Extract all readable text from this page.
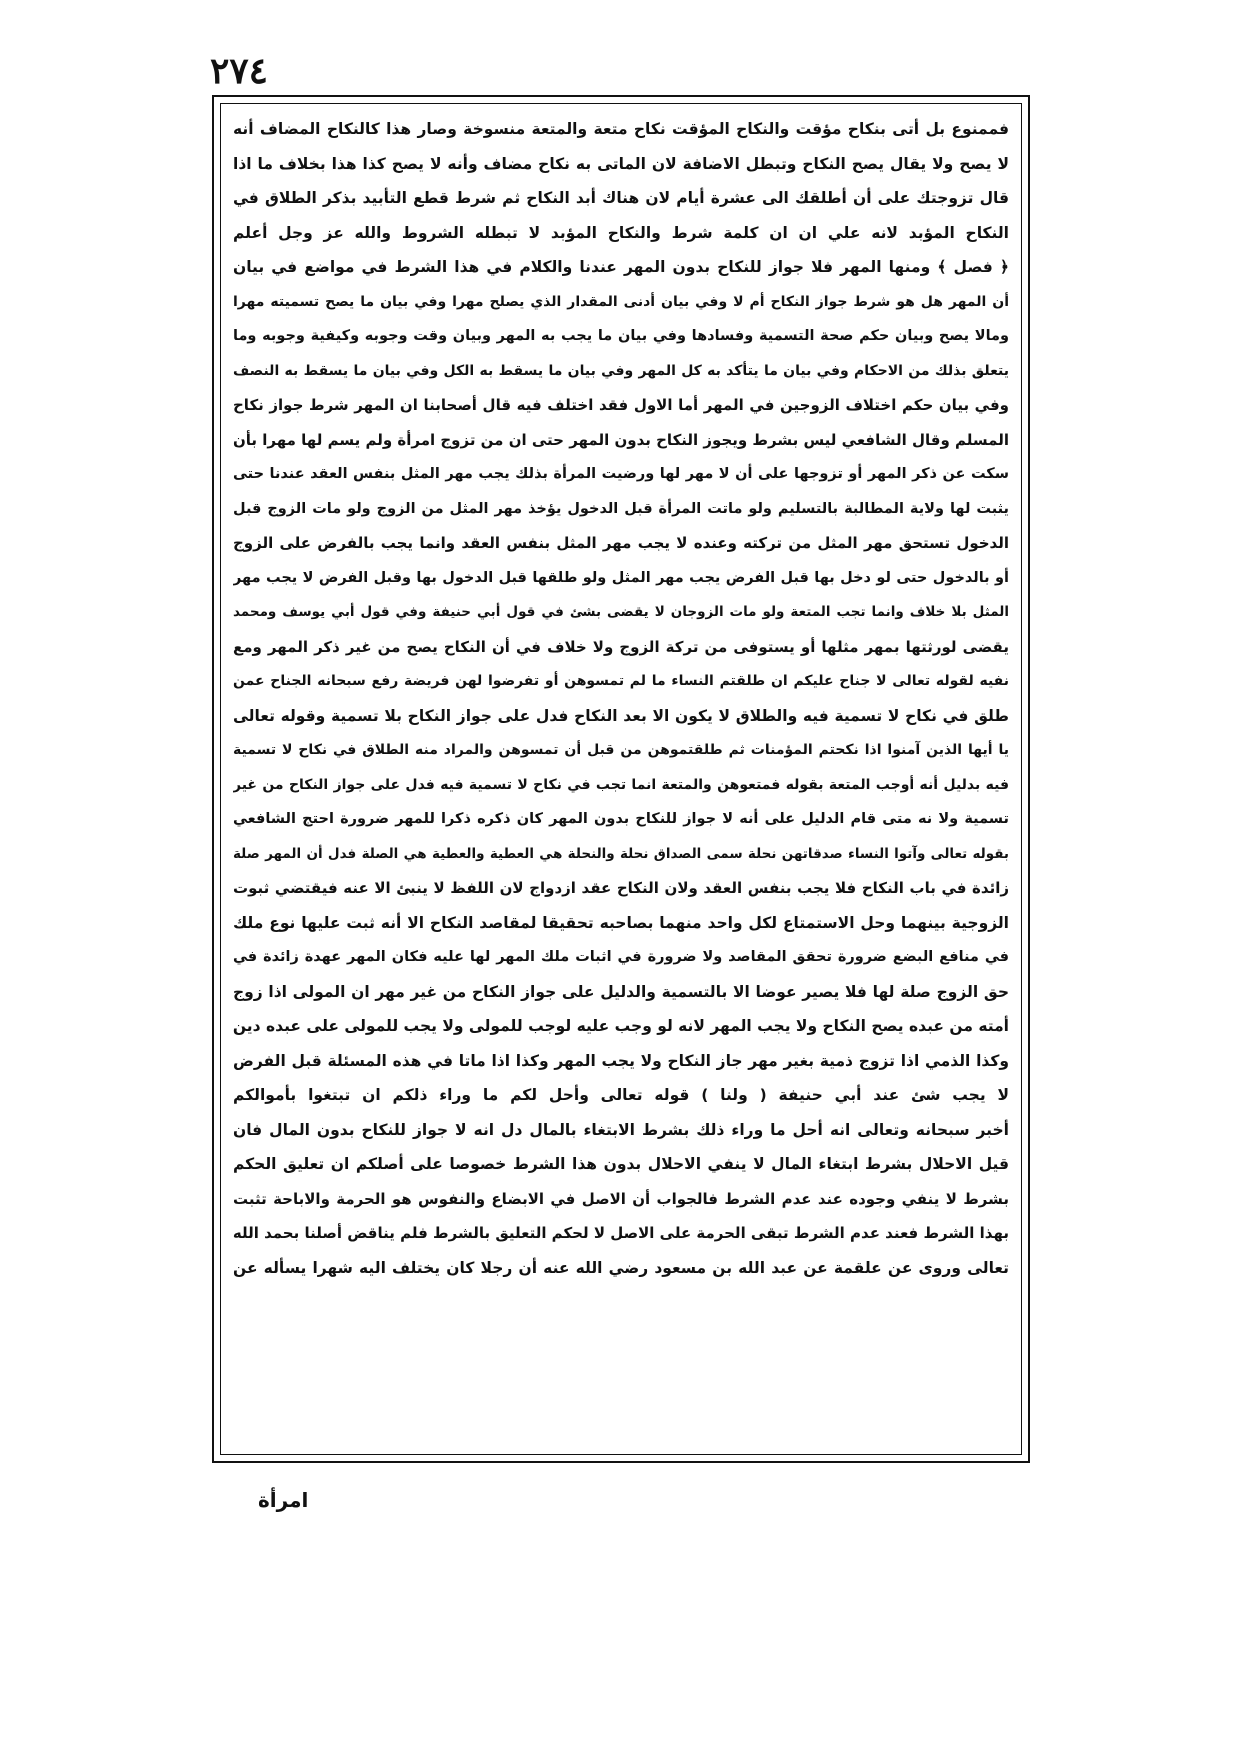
٢٧٤
فممنوع بل أتى بنكاح مؤقت والنكاح المؤقت نكاح متعة والمتعة منسوخة وصار هذا كالنكاح المضاف أنه
لا يصح ولا يقال يصح النكاح وتبطل الاضافة لان الماتى به نكاح مضاف وأنه لا يصح كذا هذا بخلاف ما اذا
قال تزوجتك على أن أطلقك الى عشرة أيام لان هناك أبد النكاح ثم شرط قطع التأبيد بذكر الطلاق في
النكاح المؤبد لانه علي ان ان كلمة شرط والنكاح المؤبد لا تبطله الشروط والله عز وجل أعلم
﴿ فصل ﴾ ومنها المهر فلا جواز للنكاح بدون المهر عندنا والكلام في هذا الشرط في مواضع في بيان
أن المهر هل هو شرط جواز النكاح أم لا وفي بيان أدنى المقدار الذي يصلح مهرا وفي بيان ما يصح تسميته مهرا
ومالا يصح وبيان حكم صحة التسمية وفسادها وفي بيان ما يجب به المهر وبيان وقت وجوبه وكيفية وجوبه وما
يتعلق بذلك من الاحكام وفي بيان ما يتأكد به كل المهر وفي بيان ما يسقط به الكل وفي بيان ما يسقط به النصف
وفي بيان حكم اختلاف الزوجين في المهر أما الاول فقد اختلف فيه قال أصحابنا ان المهر شرط جواز نكاح
المسلم وقال الشافعي ليس بشرط ويجوز النكاح بدون المهر حتى ان من تزوج امرأة ولم يسم لها مهرا بأن
سكت عن ذكر المهر أو تزوجها على أن لا مهر لها ورضيت المرأة بذلك يجب مهر المثل بنفس العقد عندنا حتى
يثبت لها ولاية المطالبة بالتسليم ولو ماتت المرأة قبل الدخول يؤخذ مهر المثل من الزوج ولو مات الزوج قبل
الدخول تستحق مهر المثل من تركته وعنده لا يجب مهر المثل بنفس العقد وانما يجب بالفرض على الزوج
أو بالدخول حتى لو دخل بها قبل الفرض يجب مهر المثل ولو طلقها قبل الدخول بها وقبل الفرض لا يجب مهر
المثل بلا خلاف وانما تجب المتعة ولو مات الزوجان لا يقضى بشئ في قول أبي حنيفة وفي قول أبي يوسف ومحمد
يقضى لورثتها بمهر مثلها أو يستوفى من تركة الزوج ولا خلاف في أن النكاح يصح من غير ذكر المهر ومع
نفيه لقوله تعالى لا جناح عليكم ان طلقتم النساء ما لم تمسوهن أو تفرضوا لهن فريضة رفع سبحانه الجناح عمن
طلق في نكاح لا تسمية فيه والطلاق لا يكون الا بعد النكاح فدل على جواز النكاح بلا تسمية وقوله تعالى
يا أيها الذين آمنوا اذا نكحتم المؤمنات ثم طلقتموهن من قبل أن تمسوهن والمراد منه الطلاق في نكاح لا تسمية
فيه بدليل أنه أوجب المتعة بقوله فمتعوهن والمتعة انما تجب في نكاح لا تسمية فيه فدل على جواز النكاح من غير
تسمية ولا نه متى قام الدليل على أنه لا جواز للنكاح بدون المهر كان ذكره ذكرا للمهر ضرورة احتج الشافعي
بقوله تعالى وآتوا النساء صدقاتهن نحلة سمى الصداق نحلة والنحلة هي العطية والعطية هي الصلة فدل أن المهر صلة
زائدة في باب النكاح فلا يجب بنفس العقد ولان النكاح عقد ازدواج لان اللفظ لا ينبئ الا عنه فيقتضي ثبوت
الزوجية بينهما وحل الاستمتاع لكل واحد منهما بصاحبه تحقيقا لمقاصد النكاح الا أنه ثبت عليها نوع ملك
في منافع البضع ضرورة تحقق المقاصد ولا ضرورة في اثبات ملك المهر لها عليه فكان المهر عهدة زائدة في
حق الزوج صلة لها فلا يصير عوضا الا بالتسمية والدليل على جواز النكاح من غير مهر ان المولى اذا زوج
أمته من عبده يصح النكاح ولا يجب المهر لانه لو وجب عليه لوجب للمولى ولا يجب للمولى على عبده دين
وكذا الذمي اذا تزوج ذمية بغير مهر جاز النكاح ولا يجب المهر وكذا اذا ماتا في هذه المسئلة قبل الفرض
لا يجب شئ عند أبي حنيفة ( ولنا ) قوله تعالى وأحل لكم ما وراء ذلكم ان تبتغوا بأموالكم
أخبر سبحانه وتعالى انه أحل ما وراء ذلك بشرط الابتغاء بالمال دل انه لا جواز للنكاح بدون المال فان
قيل الاحلال بشرط ابتغاء المال لا ينفي الاحلال بدون هذا الشرط خصوصا على أصلكم ان تعليق الحكم
بشرط لا ينفي وجوده عند عدم الشرط فالجواب أن الاصل في الابضاع والنفوس هو الحرمة والاباحة تثبت
بهذا الشرط فعند عدم الشرط تبقى الحرمة على الاصل لا لحكم التعليق بالشرط فلم يناقض أصلنا بحمد الله
تعالى وروى عن علقمة عن عبد الله بن مسعود رضي الله عنه أن رجلا كان يختلف اليه شهرا يسأله عن
امرأة
